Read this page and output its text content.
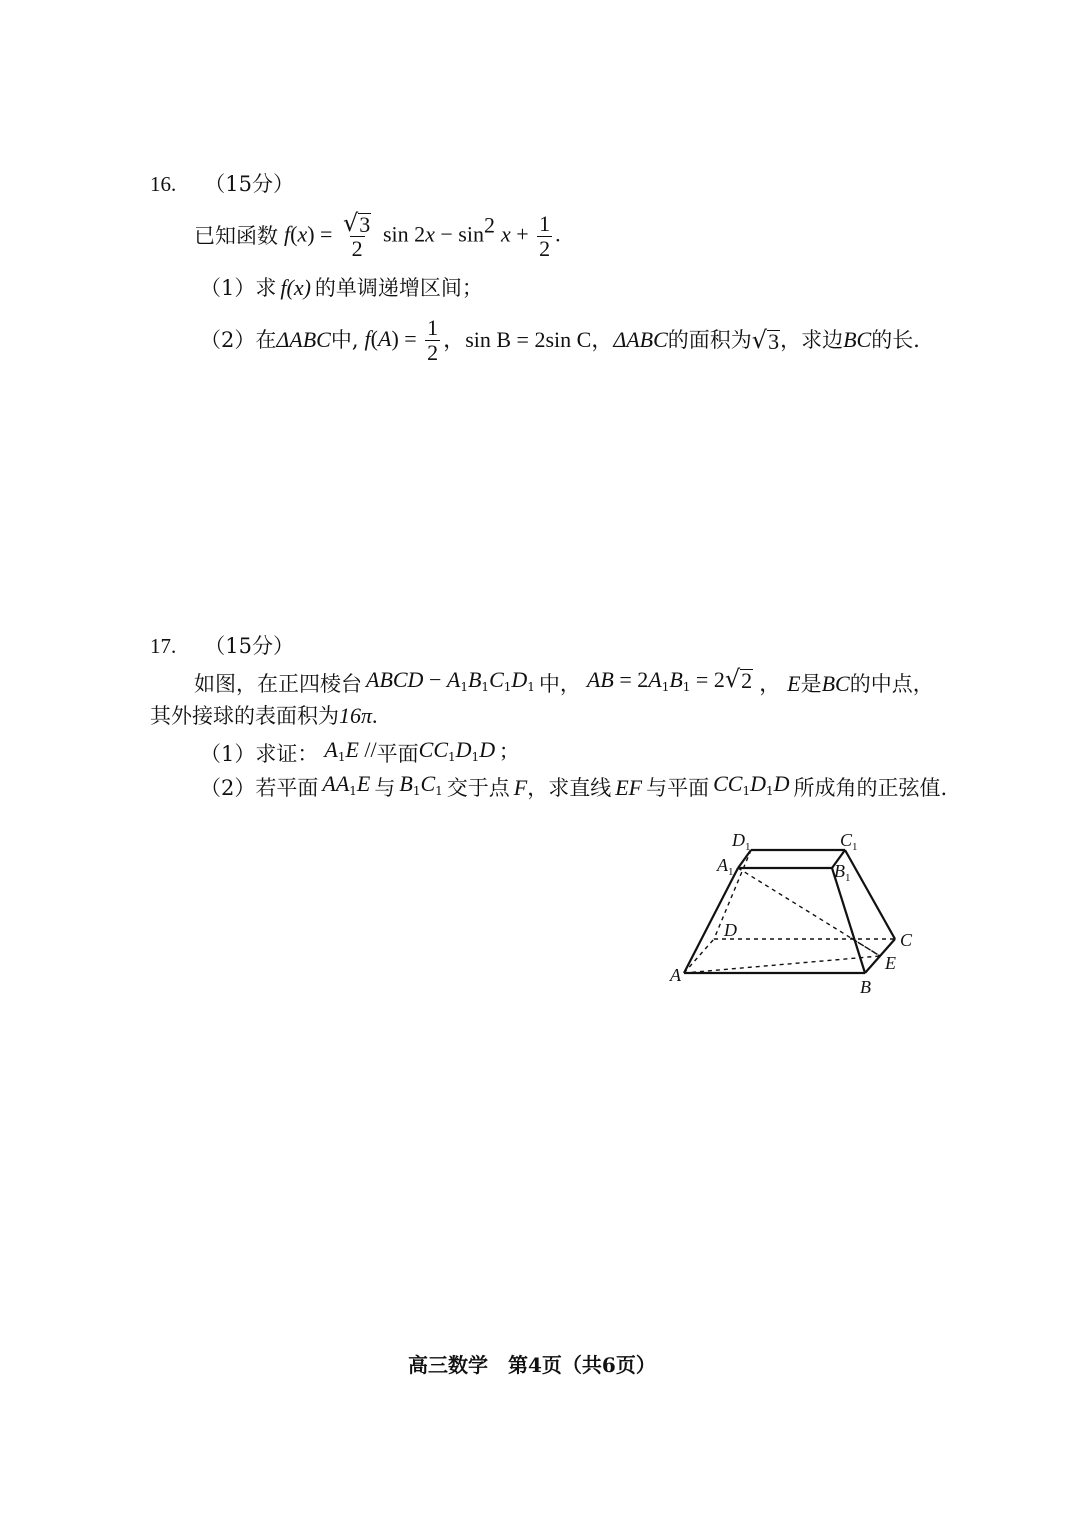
16. （15分）
已知函数 $f(x) = \frac{√ 3}{2}$ $\sin 2x - \sin^2 x + \frac{1}{2}$ .
（1）求 f(x) 的单调递增区间；
（2）在 ΔABC 中, $f(A) = \frac{1}{2}$ ， sin B = 2sin C ， ΔABC 的面积为 √ 3 ，求边 BC 的长．
17. （15分）
如图，在正四棱台 ABCD − $A_1B_1C_1D_1$ 中， AB = $2A_1B_1 = 2$ √ 2 ， E 是 BC 的中点，
其外接球的表面积为 16π .
（1）求证： $A_1E$ // 平面 $CC_1D_1D$ ;
（2）若平面 $AA_1E$ 与 $B_1C_1$ 交于点 F ，求直线 EF 与平面 $CC_1D_1D$ 所成角的正弦值.
$D_1$	$C_1$
$A_1$	$B_1$
D	C
E
A
B
高三数学　第4页（共6页）
